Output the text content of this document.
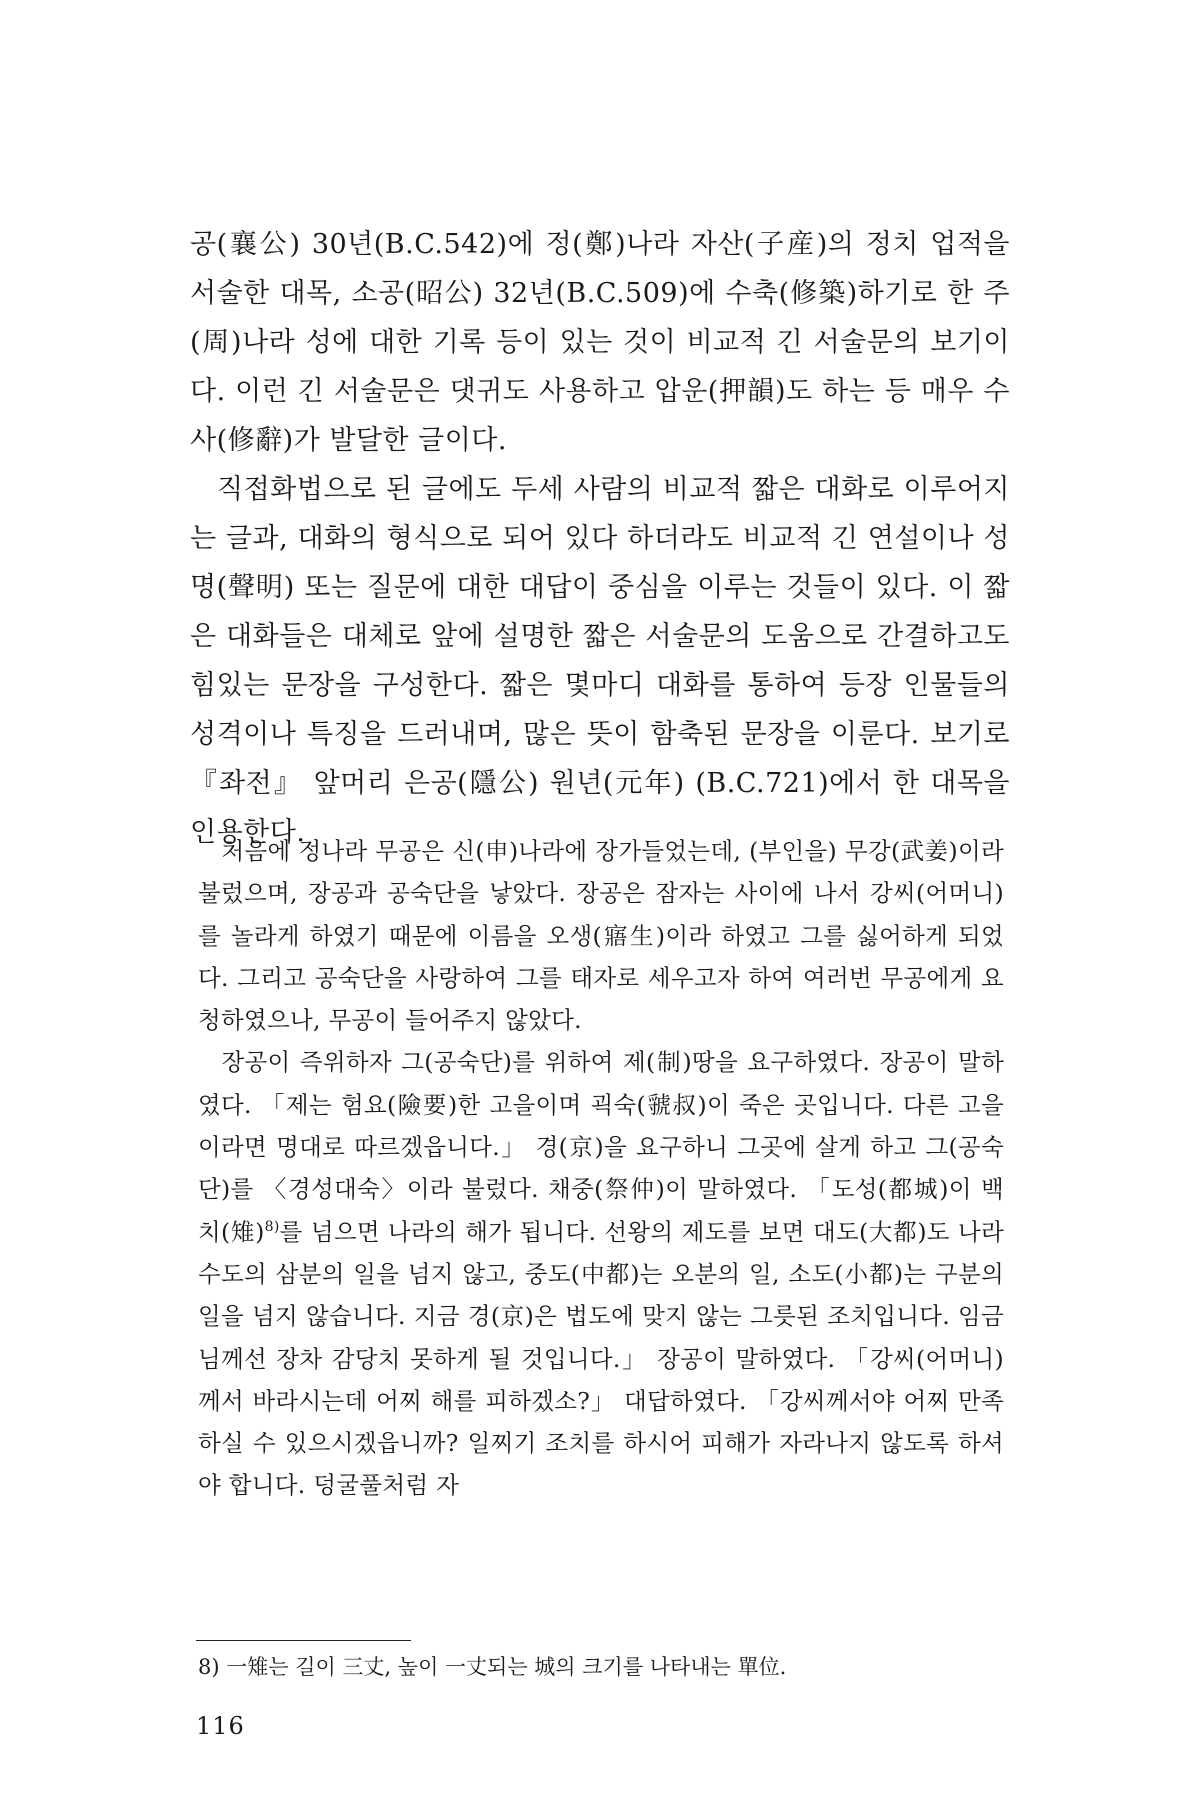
공(襄公) 30년(B.C.542)에 정(鄭)나라 자산(子産)의 정치 업적을 서술한 대목, 소공(昭公) 32년(B.C.509)에 수축(修築)하기로 한 주(周)나라 성에 대한 기록 등이 있는 것이 비교적 긴 서술문의 보기이다. 이런 긴 서술문은 댓귀도 사용하고 압운(押韻)도 하는 등 매우 수사(修辭)가 발달한 글이다.

직접화법으로 된 글에도 두세 사람의 비교적 짧은 대화로 이루어지는 글과, 대화의 형식으로 되어 있다 하더라도 비교적 긴 연설이나 성명(聲明) 또는 질문에 대한 대답이 중심을 이루는 것들이 있다. 이 짧은 대화들은 대체로 앞에 설명한 짧은 서술문의 도움으로 간결하고도 힘있는 문장을 구성한다. 짧은 몇마디 대화를 통하여 등장 인물들의 성격이나 특징을 드러내며, 많은 뜻이 함축된 문장을 이룬다. 보기로 『좌전』 앞머리 은공(隱公) 원년(元年) (B.C.721)에서 한 대목을 인용한다.

처음에 정나라 무공은 신(申)나라에 장가들었는데, (부인을) 무강(武姜)이라 불렀으며, 장공과 공숙단을 낳았다. 장공은 잠자는 사이에 나서 강씨(어머니)를 놀라게 하였기 때문에 이름을 오생(寤生)이라 하였고 그를 싫어하게 되었다. 그리고 공숙단을 사랑하여 그를 태자로 세우고자 하여 여러번 무공에게 요청하였으나, 무공이 들어주지 않았다.

장공이 즉위하자 그(공숙단)를 위하여 제(制)땅을 요구하였다. 장공이 말하였다. 「제는 험요(險要)한 고을이며 괵숙(虢叔)이 죽은 곳입니다. 다른 고을이라면 명대로 따르겠읍니다.」 경(京)을 요구하니 그곳에 살게 하고 그(공숙단)를 〈경성대숙〉이라 불렀다. 채중(祭仲)이 말하였다. 「도성(都城)이 백 치(雉)$^{8)}$를 넘으면 나라의 해가 됩니다. 선왕의 제도를 보면 대도(大都)도 나라 수도의 삼분의 일을 넘지 않고, 중도(中都)는 오분의 일, 소도(小都)는 구분의 일을 넘지 않습니다. 지금 경(京)은 법도에 맞지 않는 그릇된 조치입니다. 임금님께선 장차 감당치 못하게 될 것입니다.」 장공이 말하였다. 「강씨(어머니)께서 바라시는데 어찌 해를 피하겠소?」 대답하였다. 「강씨께서야 어찌 만족하실 수 있으시겠읍니까? 일찌기 조치를 하시어 피해가 자라나지 않도록 하셔야 합니다. 덩굴풀처럼 자

8) 一雉는 길이 三丈, 높이 一丈되는 城의 크기를 나타내는 單位.
116
